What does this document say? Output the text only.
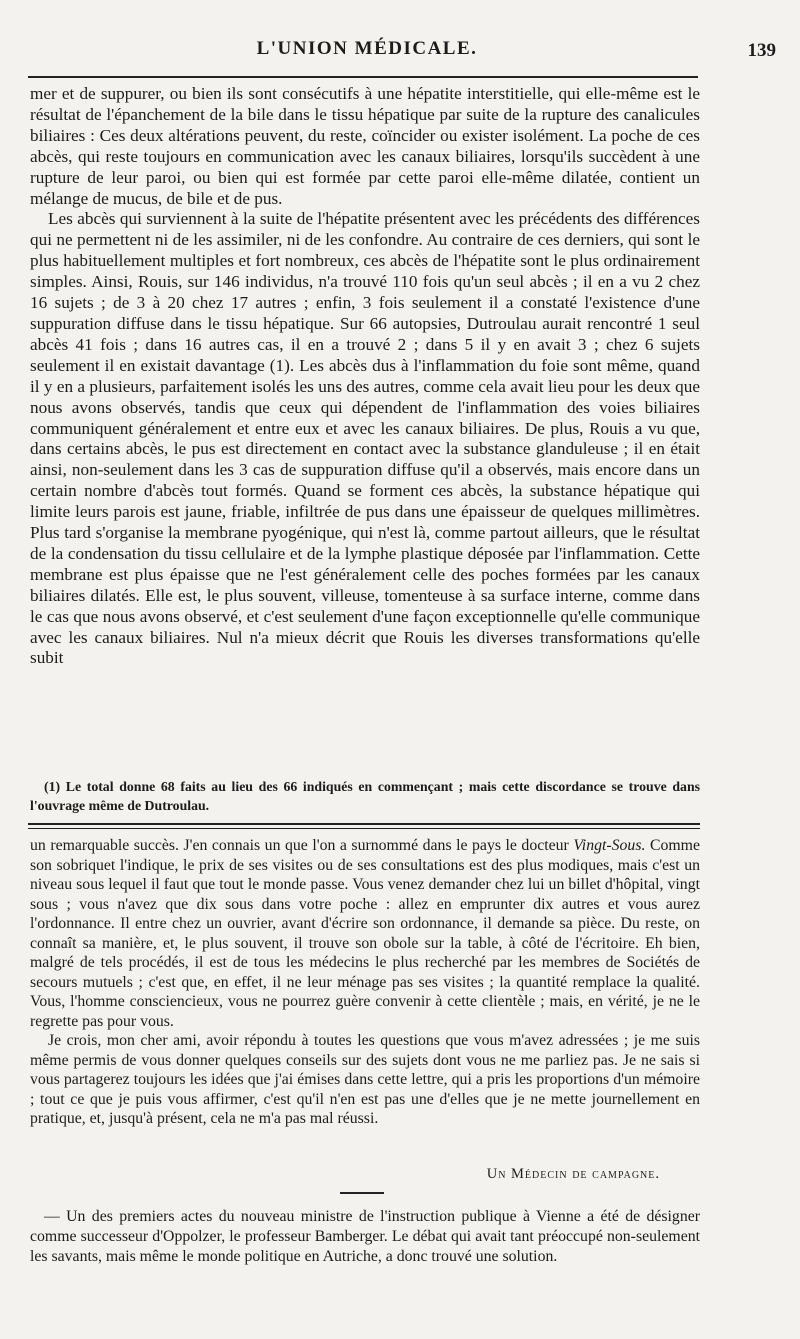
L'UNION MÉDICALE.	139

mer et de suppurer, ou bien ils sont consécutifs à une hépatite interstitielle, qui elle-même est le résultat de l'épanchement de la bile dans le tissu hépatique par suite de la rupture des canalicules biliaires : Ces deux altérations peuvent, du reste, coïncider ou exister isolément. La poche de ces abcès, qui reste toujours en communication avec les canaux biliaires, lorsqu'ils succèdent à une rupture de leur paroi, ou bien qui est formée par cette paroi elle-même dilatée, contient un mélange de mucus, de bile et de pus.

Les abcès qui surviennent à la suite de l'hépatite présentent avec les précédents des différences qui ne permettent ni de les assimiler, ni de les confondre. Au contraire de ces derniers, qui sont le plus habituellement multiples et fort nombreux, ces abcès de l'hépatite sont le plus ordinairement simples. Ainsi, Rouis, sur 146 individus, n'a trouvé 110 fois qu'un seul abcès ; il en a vu 2 chez 16 sujets ; de 3 à 20 chez 17 autres ; enfin, 3 fois seulement il a constaté l'existence d'une suppuration diffuse dans le tissu hépatique. Sur 66 autopsies, Dutroulau aurait rencontré 1 seul abcès 41 fois ; dans 16 autres cas, il en a trouvé 2 ; dans 5 il y en avait 3 ; chez 6 sujets seulement il en existait davantage (1). Les abcès dus à l'inflammation du foie sont même, quand il y en a plusieurs, parfaitement isolés les uns des autres, comme cela avait lieu pour les deux que nous avons observés, tandis que ceux qui dépendent de l'inflammation des voies biliaires communiquent généralement et entre eux et avec les canaux biliaires. De plus, Rouis a vu que, dans certains abcès, le pus est directement en contact avec la substance glanduleuse ; il en était ainsi, non-seulement dans les 3 cas de suppuration diffuse qu'il a observés, mais encore dans un certain nombre d'abcès tout formés. Quand se forment ces abcès, la substance hépatique qui limite leurs parois est jaune, friable, infiltrée de pus dans une épaisseur de quelques millimètres. Plus tard s'organise la membrane pyogénique, qui n'est là, comme partout ailleurs, que le résultat de la condensation du tissu cellulaire et de la lymphe plastique déposée par l'inflammation. Cette membrane est plus épaisse que ne l'est généralement celle des poches formées par les canaux biliaires dilatés. Elle est, le plus souvent, villeuse, tomenteuse à sa surface interne, comme dans le cas que nous avons observé, et c'est seulement d'une façon exceptionnelle qu'elle communique avec les canaux biliaires. Nul n'a mieux décrit que Rouis les diverses transformations qu'elle subit

(1) Le total donne 68 faits au lieu des 66 indiqués en commençant ; mais cette discordance se trouve dans l'ouvrage même de Dutroulau.

un remarquable succès. J'en connais un que l'on a surnommé dans le pays le docteur Vingt-Sous. Comme son sobriquet l'indique, le prix de ses visites ou de ses consultations est des plus modiques, mais c'est un niveau sous lequel il faut que tout le monde passe. Vous venez demander chez lui un billet d'hôpital, vingt sous ; vous n'avez que dix sous dans votre poche : allez en emprunter dix autres et vous aurez l'ordonnance. Il entre chez un ouvrier, avant d'écrire son ordonnance, il demande sa pièce. Du reste, on connaît sa manière, et, le plus souvent, il trouve son obole sur la table, à côté de l'écritoire. Eh bien, malgré de tels procédés, il est de tous les médecins le plus recherché par les membres de Sociétés de secours mutuels ; c'est que, en effet, il ne leur ménage pas ses visites ; la quantité remplace la qualité. Vous, l'homme consciencieux, vous ne pourrez guère convenir à cette clientèle ; mais, en vérité, je ne le regrette pas pour vous.

Je crois, mon cher ami, avoir répondu à toutes les questions que vous m'avez adressées ; je me suis même permis de vous donner quelques conseils sur des sujets dont vous ne me parliez pas. Je ne sais si vous partagerez toujours les idées que j'ai émises dans cette lettre, qui a pris les proportions d'un mémoire ; tout ce que je puis vous affirmer, c'est qu'il n'en est pas une d'elles que je ne mette journellement en pratique, et, jusqu'à présent, cela ne m'a pas mal réussi.

Un Médecin de campagne.

— Un des premiers actes du nouveau ministre de l'instruction publique à Vienne a été de désigner comme successeur d'Oppolzer, le professeur Bamberger. Le débat qui avait tant préoccupé non-seulement les savants, mais même le monde politique en Autriche, a donc trouvé une solution.
